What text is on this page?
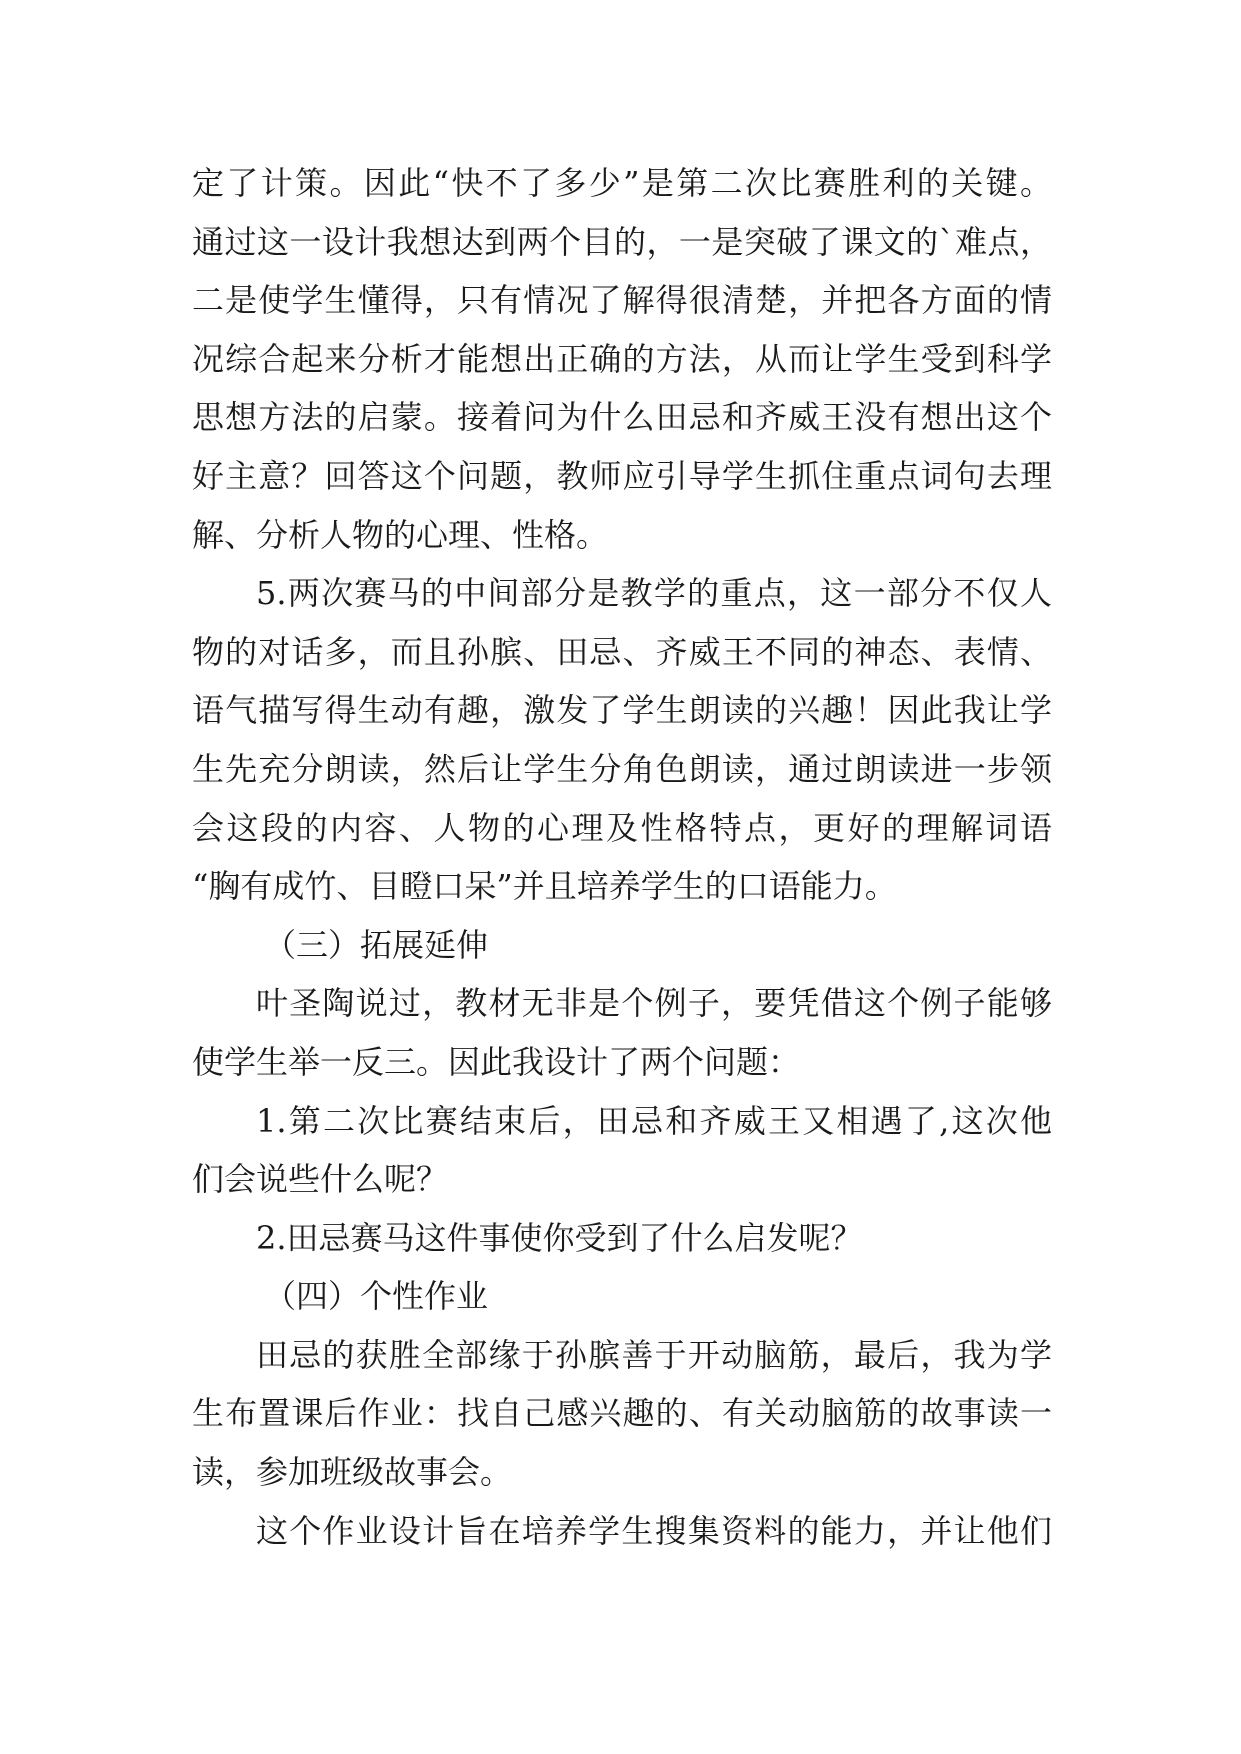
定了计策。因此“快不了多少”是第二次比赛胜利的关键。
通过这一设计我想达到两个目的，一是突破了课文的`难点，
二是使学生懂得，只有情况了解得很清楚，并把各方面的情
况综合起来分析才能想出正确的方法，从而让学生受到科学
思想方法的启蒙。接着问为什么田忌和齐威王没有想出这个
好主意？回答这个问题，教师应引导学生抓住重点词句去理
解、分析人物的心理、性格。
5.两次赛马的中间部分是教学的重点，这一部分不仅人
物的对话多，而且孙膑、田忌、齐威王不同的神态、表情、
语气描写得生动有趣，激发了学生朗读的兴趣！因此我让学
生先充分朗读，然后让学生分角色朗读，通过朗读进一步领
会这段的内容、人物的心理及性格特点，更好的理解词语
“胸有成竹、目瞪口呆”并且培养学生的口语能力。
（三）拓展延伸
叶圣陶说过，教材无非是个例子，要凭借这个例子能够
使学生举一反三。因此我设计了两个问题：
1.第二次比赛结束后，田忌和齐威王又相遇了,这次他
们会说些什么呢？
2.田忌赛马这件事使你受到了什么启发呢？
（四）个性作业
田忌的获胜全部缘于孙膑善于开动脑筋，最后，我为学
生布置课后作业：找自己感兴趣的、有关动脑筋的故事读一
读，参加班级故事会。
这个作业设计旨在培养学生搜集资料的能力，并让他们
